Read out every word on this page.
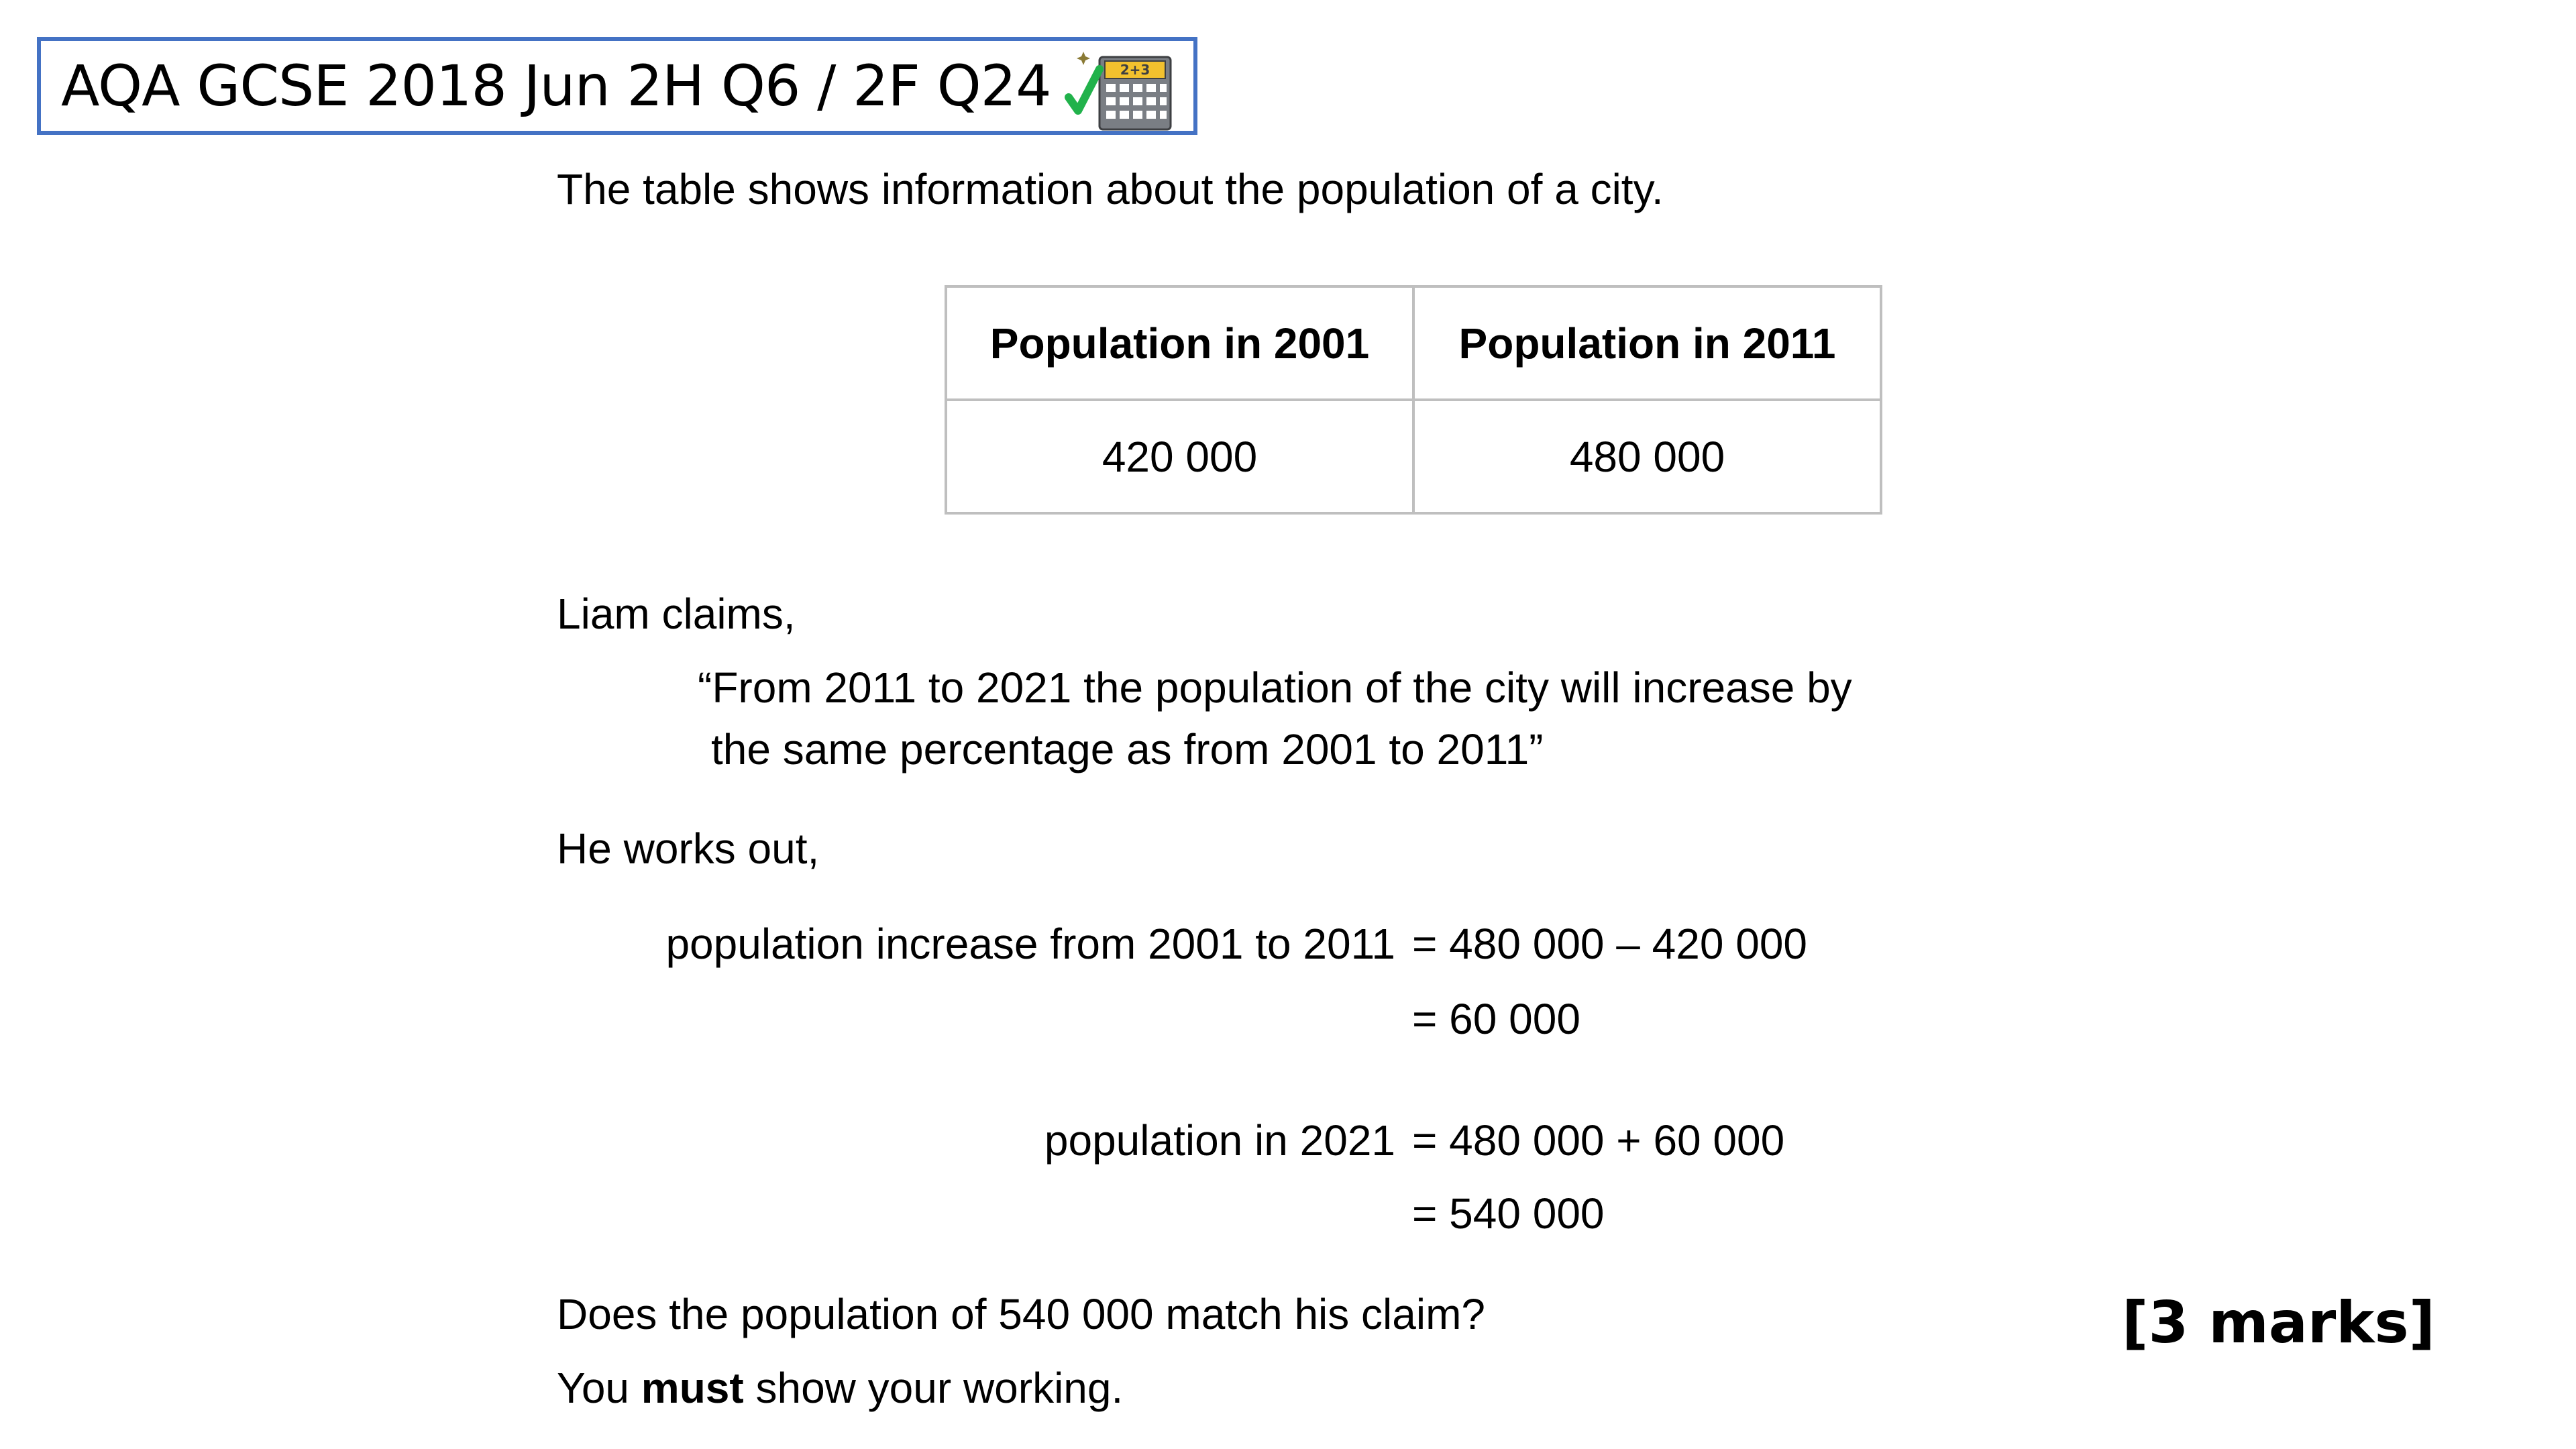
AQA GCSE 2018 Jun 2H Q6 / 2F Q24	2+3
The table shows information about the population of a city.
Population in 2001	Population in 2011
420 000	480 000
Liam claims,
“From 2011 to 2021 the population of the city will increase by
the same percentage as from 2001 to 2011”
He works out,
population increase from 2001 to 2011 = 480 000 – 420 000
= 60 000
population in 2021 = 480 000 + 60 000
= 540 000
Does the population of 540 000 match his claim?
You must show your working.
[3 marks]
